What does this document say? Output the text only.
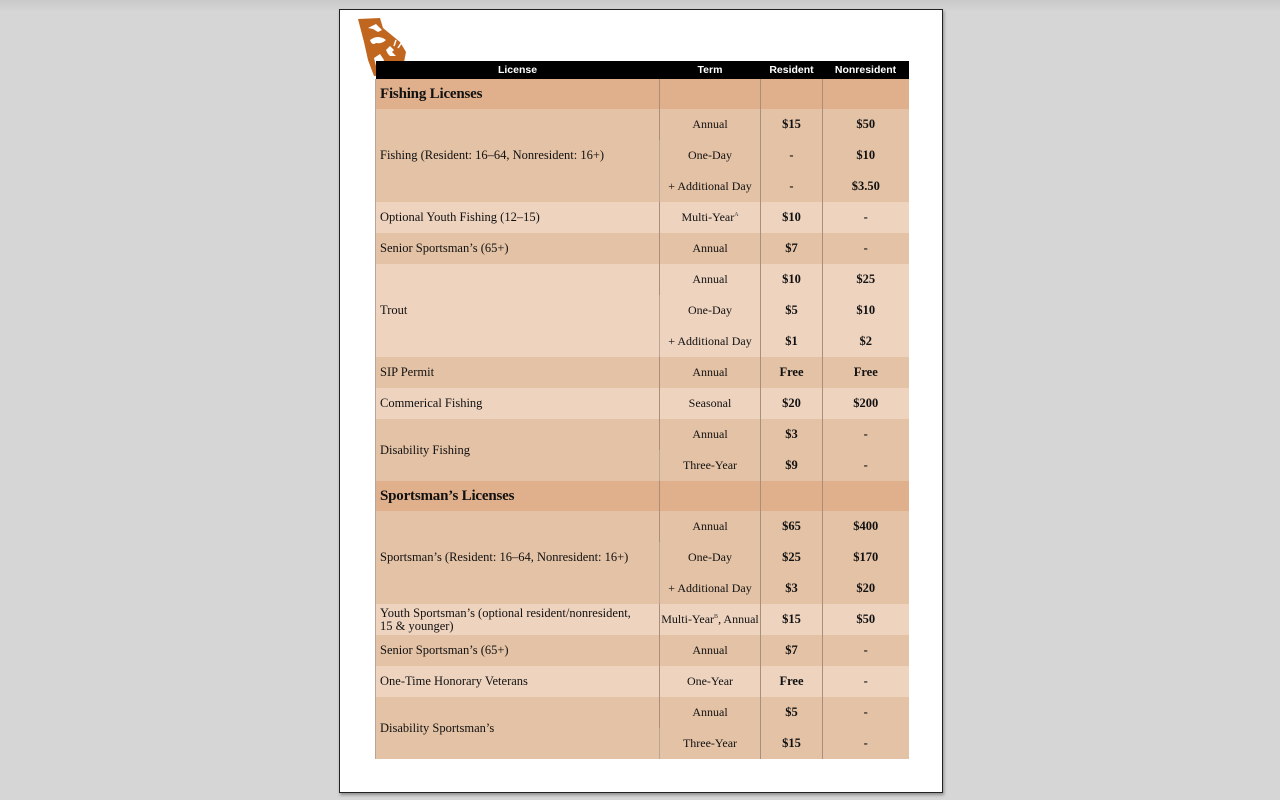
License	Term	Resident	Nonresident
Fishing Licenses			
Fishing (Resident: 16–64, Nonresident: 16+)	Annual	$15	$50
	One-Day	-	$10
	+ Additional Day	-	$3.50
Optional Youth Fishing (12–15)	Multi-Year$^A$	$10	-
Senior Sportsman’s (65+)	Annual	$7	-
Trout	Annual	$10	$25
	One-Day	$5	$10
	+ Additional Day	$1	$2
SIP Permit	Annual	Free	Free
Commerical Fishing	Seasonal	$20	$200
Disability Fishing	Annual	$3	-
	Three-Year	$9	-
Sportsman’s Licenses			
Sportsman’s (Resident: 16–64, Nonresident: 16+)	Annual	$65	$400
	One-Day	$25	$170
	+ Additional Day	$3	$20

Youth Sportsman’s (optional resident/nonresident,
15 & younger)	Multi-Year$^B$, Annual	$15	$50
Senior Sportsman’s (65+)	Annual	$7	-
One-Time Honorary Veterans	One-Year	Free	-
Disability Sportsman’s	Annual	$5	-
	Three-Year	$15	-
